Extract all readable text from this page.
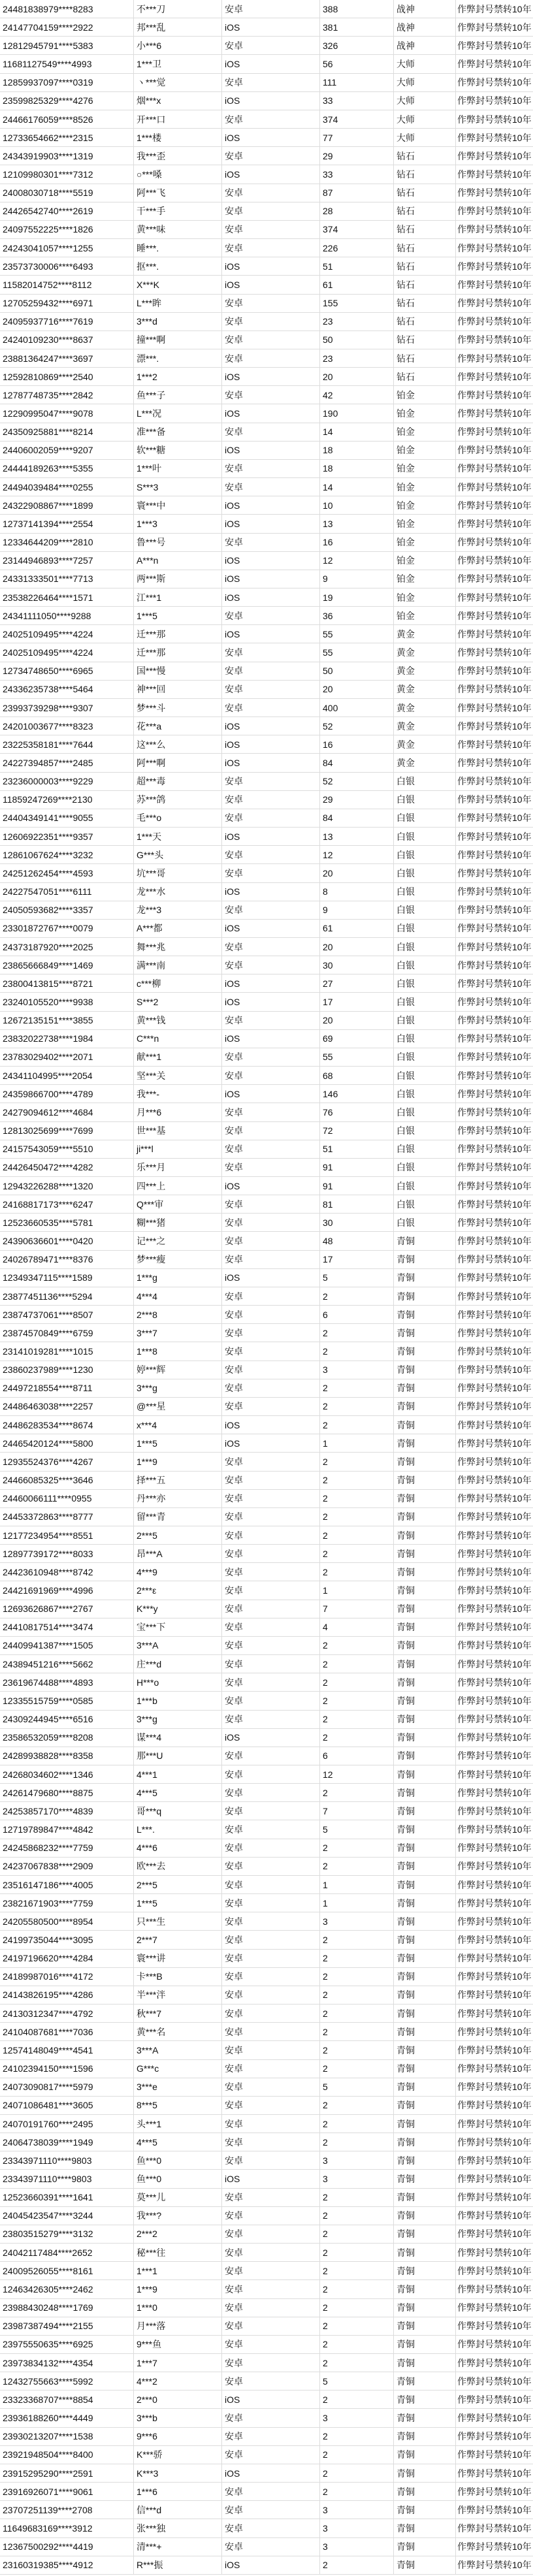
24481838979****8283	不***刀	安卓	388	战神	作弊封号禁转10年
24147704159****2922	邦***乱	iOS	381	战神	作弊封号禁转10年
12812945791****5383	小***6	安卓	326	战神	作弊封号禁转10年
11681127549****4993	1***卫	iOS	56	大师	作弊封号禁转10年
12859937097****0319	ヽ***觉	安卓	111	大师	作弊封号禁转10年
23599825329****4276	烟***x	iOS	33	大师	作弊封号禁转10年
24466176059****8526	开***口	安卓	374	大师	作弊封号禁转10年
12733654662****2315	1***楼	iOS	77	大师	作弊封号禁转10年
24343919903****1319	我***歪	安卓	29	钻石	作弊封号禁转10年
12109980301****7312	○***嗓	iOS	33	钻石	作弊封号禁转10年
24008030718****5519	阿***飞	安卓	87	钻石	作弊封号禁转10年
24426542740****2619	干***手	安卓	28	钻石	作弊封号禁转10年
24097552225****1826	黄***味	安卓	374	钻石	作弊封号禁转10年
24243041057****1255	睡***.	安卓	226	钻石	作弊封号禁转10年
23573730006****6493	抠***.	iOS	51	钻石	作弊封号禁转10年
11582014752****8112	X***K	iOS	61	钻石	作弊封号禁转10年
12705259432****6971	L***眸	安卓	155	钻石	作弊封号禁转10年
24095937716****7619	3***d	安卓	23	钻石	作弊封号禁转10年
24240109230****8637	撞***啊	安卓	50	钻石	作弊封号禁转10年
23881364247****3697	漂***.	安卓	23	钻石	作弊封号禁转10年
12592810869****2540	1***2	iOS	20	钻石	作弊封号禁转10年
12787748735****2842	鱼***子	安卓	42	铂金	作弊封号禁转10年
12290995047****9078	L***况	iOS	190	铂金	作弊封号禁转10年
24350925881****8214	准***备	安卓	14	铂金	作弊封号禁转10年
24406002059****9207	软***糖	iOS	18	铂金	作弊封号禁转10年
24444189263****5355	1***叶	安卓	18	铂金	作弊封号禁转10年
24494039484****0255	S***3	安卓	14	铂金	作弊封号禁转10年
24322908867****1899	寰***中	iOS	10	铂金	作弊封号禁转10年
12737141394****2554	1***3	iOS	13	铂金	作弊封号禁转10年
12334644209****2810	鲁***号	安卓	16	铂金	作弊封号禁转10年
23144946893****7257	A***n	iOS	12	铂金	作弊封号禁转10年
24331333501****7713	两***斯	iOS	9	铂金	作弊封号禁转10年
23538226464****1571	江***1	iOS	19	铂金	作弊封号禁转10年
24341111050****9288	1***5	安卓	36	铂金	作弊封号禁转10年
24025109495****4224	迁***那	iOS	55	黄金	作弊封号禁转10年
24025109495****4224	迁***那	安卓	55	黄金	作弊封号禁转10年
12734748650****6965	国***慢	安卓	50	黄金	作弊封号禁转10年
24336235738****5464	神***回	安卓	20	黄金	作弊封号禁转10年
23993739298****9307	梦***斗	安卓	400	黄金	作弊封号禁转10年
24201003677****8323	花***a	iOS	52	黄金	作弊封号禁转10年
23225358181****7644	这***么	iOS	16	黄金	作弊封号禁转10年
24227394857****2485	阿***啊	iOS	84	黄金	作弊封号禁转10年
23236000003****9229	超***毒	安卓	52	白银	作弊封号禁转10年
11859247269****2130	苏***鸽	安卓	29	白银	作弊封号禁转10年
24404349141****9055	毛***o	安卓	84	白银	作弊封号禁转10年
12606922351****9357	1***天	iOS	13	白银	作弊封号禁转10年
12861067624****3232	G***头	安卓	12	白银	作弊封号禁转10年
24251262454****4593	坑***哥	安卓	20	白银	作弊封号禁转10年
24227547051****6111	龙***水	iOS	8	白银	作弊封号禁转10年
24050593682****3357	龙***3	安卓	9	白银	作弊封号禁转10年
23301872767****0079	A***都	iOS	61	白银	作弊封号禁转10年
24373187920****2025	舞***兆	安卓	20	白银	作弊封号禁转10年
23865666849****1469	满***南	安卓	30	白银	作弊封号禁转10年
23800413815****8721	c***柳	iOS	27	白银	作弊封号禁转10年
23240105520****9938	S***2	iOS	17	白银	作弊封号禁转10年
12672135151****3855	黄***钱	安卓	20	白银	作弊封号禁转10年
23832022738****1984	C***n	iOS	69	白银	作弊封号禁转10年
23783029402****2071	献***1	安卓	55	白银	作弊封号禁转10年
24341104995****2054	坚***关	安卓	68	白银	作弊封号禁转10年
24359866700****4789	我***-	iOS	146	白银	作弊封号禁转10年
24279094612****4684	月***6	安卓	76	白银	作弊封号禁转10年
12813025699****7699	世***基	安卓	72	白银	作弊封号禁转10年
24157543059****5510	ji***l	安卓	51	白银	作弊封号禁转10年
24426450472****4282	乐***月	安卓	91	白银	作弊封号禁转10年
12943226288****1320	四***上	iOS	91	白银	作弊封号禁转10年
24168817173****6247	Q***审	安卓	81	白银	作弊封号禁转10年
12523660535****5781	糊***猪	安卓	30	白银	作弊封号禁转10年
24390636601****0420	记***之	安卓	48	青铜	作弊封号禁转10年
24026789471****8376	梦***瘦	安卓	17	青铜	作弊封号禁转10年
12349347115****1589	1***g	iOS	5	青铜	作弊封号禁转10年
23877451136****5294	4***4	安卓	2	青铜	作弊封号禁转10年
23874737061****8507	2***8	安卓	6	青铜	作弊封号禁转10年
23874570849****6759	3***7	安卓	2	青铜	作弊封号禁转10年
23141019281****1015	1***8	安卓	2	青铜	作弊封号禁转10年
23860237989****1230	婷***辉	安卓	3	青铜	作弊封号禁转10年
24497218554****8711	3***g	安卓	2	青铜	作弊封号禁转10年
24486463038****2257	@***星	安卓	2	青铜	作弊封号禁转10年
24486283534****8674	x***4	iOS	2	青铜	作弊封号禁转10年
24465420124****5800	1***5	iOS	1	青铜	作弊封号禁转10年
12935524376****4267	1***9	安卓	2	青铜	作弊封号禁转10年
24466085325****3646	择***五	安卓	2	青铜	作弊封号禁转10年
24460066111****0955	丹***亦	安卓	2	青铜	作弊封号禁转10年
24453372863****8777	留***青	安卓	2	青铜	作弊封号禁转10年
12177234954****8551	2***5	安卓	2	青铜	作弊封号禁转10年
12897739172****8033	昂***A	安卓	2	青铜	作弊封号禁转10年
24423610948****8742	4***9	安卓	2	青铜	作弊封号禁转10年
24421691969****4996	2***ε	安卓	1	青铜	作弊封号禁转10年
12693626867****2767	K***y	安卓	7	青铜	作弊封号禁转10年
24410817514****3474	宝***下	安卓	4	青铜	作弊封号禁转10年
24409941387****1505	3***A	安卓	2	青铜	作弊封号禁转10年
24389451216****5662	庄***d	安卓	2	青铜	作弊封号禁转10年
23619674488****4893	H***o	安卓	2	青铜	作弊封号禁转10年
12335515759****0585	1***b	安卓	2	青铜	作弊封号禁转10年
24309244945****6516	3***g	安卓	2	青铜	作弊封号禁转10年
23586532059****8208	谋***4	iOS	2	青铜	作弊封号禁转10年
24289938828****8358	那***U	安卓	6	青铜	作弊封号禁转10年
24268034602****1346	4***1	安卓	12	青铜	作弊封号禁转10年
24261479680****8875	4***5	安卓	2	青铜	作弊封号禁转10年
24253857170****4839	哥***q	安卓	7	青铜	作弊封号禁转10年
12719789847****4842	L***.	安卓	5	青铜	作弊封号禁转10年
24245868232****7759	4***6	安卓	2	青铜	作弊封号禁转10年
24237067838****2909	欧***去	安卓	2	青铜	作弊封号禁转10年
23516147186****4005	2***5	安卓	1	青铜	作弊封号禁转10年
23821671903****7759	1***5	安卓	1	青铜	作弊封号禁转10年
24205580500****8954	只***生	安卓	3	青铜	作弊封号禁转10年
24199735044****3095	2***7	安卓	2	青铜	作弊封号禁转10年
24197196620****4284	寰***讲	安卓	2	青铜	作弊封号禁转10年
24189987016****4172	卡***B	安卓	2	青铜	作弊封号禁转10年
24143826195****4286	半***泮	安卓	2	青铜	作弊封号禁转10年
24130312347****4792	秋***7	安卓	2	青铜	作弊封号禁转10年
24104087681****7036	黄***名	安卓	2	青铜	作弊封号禁转10年
12574148049****4541	3***A	安卓	2	青铜	作弊封号禁转10年
24102394150****1596	G***c	安卓	2	青铜	作弊封号禁转10年
24073090817****5979	3***e	安卓	5	青铜	作弊封号禁转10年
24071086481****3605	8***5	安卓	2	青铜	作弊封号禁转10年
24070191760****2495	头***1	安卓	2	青铜	作弊封号禁转10年
24064738039****1949	4***5	安卓	2	青铜	作弊封号禁转10年
23343971110****9803	鱼***0	安卓	3	青铜	作弊封号禁转10年
23343971110****9803	鱼***0	iOS	3	青铜	作弊封号禁转10年
12523660391****1641	莫***儿	安卓	2	青铜	作弊封号禁转10年
24045423547****3244	我***?	安卓	2	青铜	作弊封号禁转10年
23803515279****3132	2***2	安卓	2	青铜	作弊封号禁转10年
24042117484****2652	秘***往	安卓	2	青铜	作弊封号禁转10年
24009526055****8161	1***1	安卓	2	青铜	作弊封号禁转10年
12463426305****2462	1***9	安卓	2	青铜	作弊封号禁转10年
23988430248****1769	1***0	安卓	2	青铜	作弊封号禁转10年
23987387494****2155	月***落	安卓	2	青铜	作弊封号禁转10年
23975550635****6925	9***鱼	安卓	2	青铜	作弊封号禁转10年
23973834132****4354	1***7	安卓	2	青铜	作弊封号禁转10年
12432755663****5992	4***2	安卓	5	青铜	作弊封号禁转10年
23323368707****8854	2***0	iOS	2	青铜	作弊封号禁转10年
23936188260****4449	3***b	安卓	3	青铜	作弊封号禁转10年
23930213207****1538	9***6	安卓	2	青铜	作弊封号禁转10年
23921948504****8400	K***骄	安卓	2	青铜	作弊封号禁转10年
23915295290****2591	K***3	iOS	2	青铜	作弊封号禁转10年
23916926071****9061	1***6	安卓	2	青铜	作弊封号禁转10年
23707251139****2708	信***d	安卓	3	青铜	作弊封号禁转10年
11649683169****3912	张***独	安卓	3	青铜	作弊封号禁转10年
12367500292****4419	清***+	安卓	3	青铜	作弊封号禁转10年
23160319385****4912	R***振	iOS	2	青铜	作弊封号禁转10年
